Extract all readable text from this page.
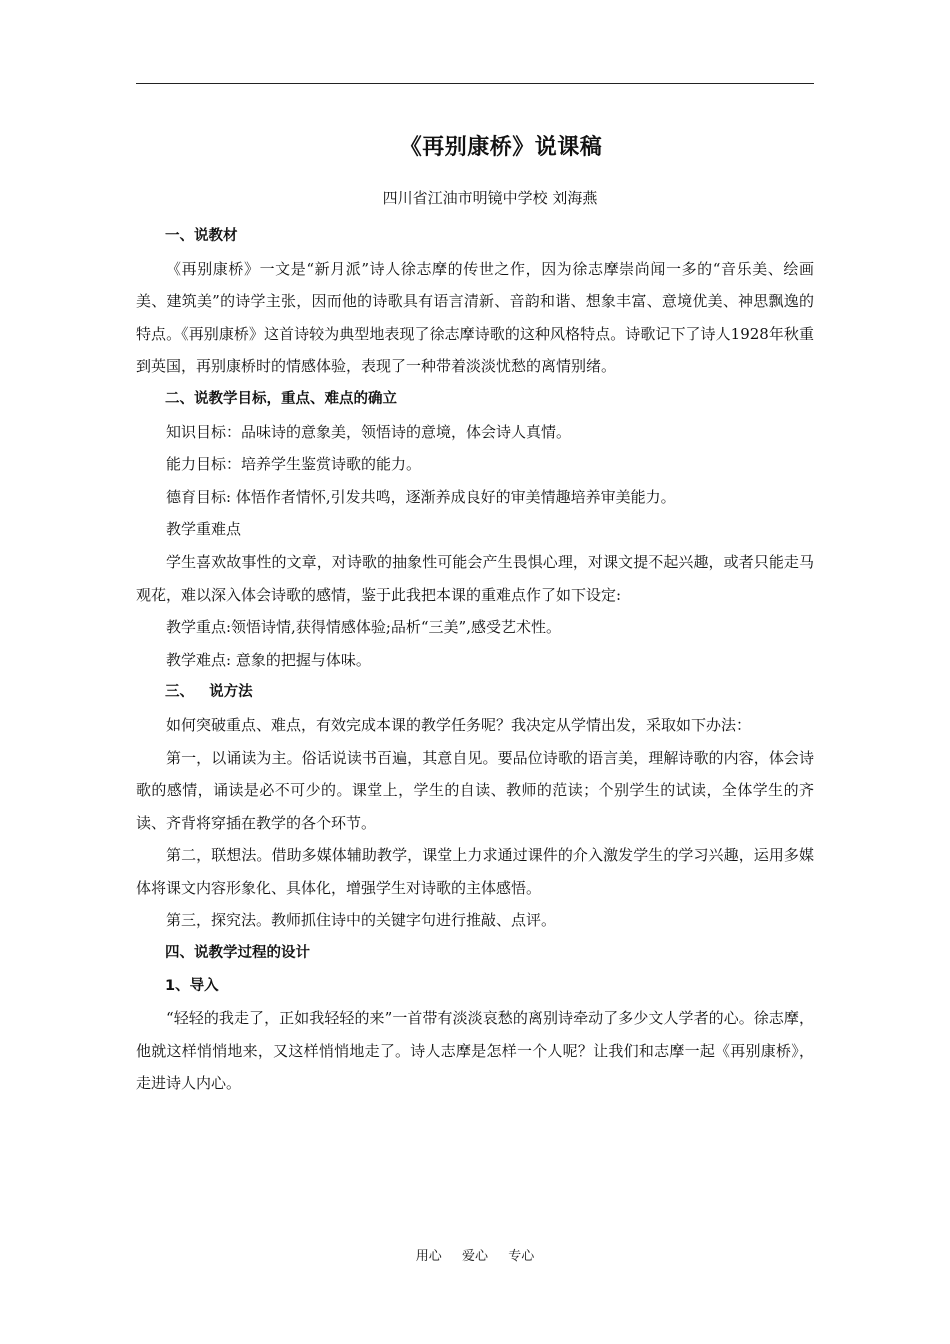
《再别康桥》说课稿
四川省江油市明镜中学校 刘海燕

一、说教材

《再别康桥》一文是“新月派”诗人徐志摩的传世之作，因为徐志摩崇尚闻一多的“音乐美、绘画美、建筑美”的诗学主张，因而他的诗歌具有语言清新、音韵和谐、想象丰富、意境优美、神思飘逸的特点。《再别康桥》这首诗较为典型地表现了徐志摩诗歌的这种风格特点。诗歌记下了诗人1928年秋重到英国，再别康桥时的情感体验，表现了一种带着淡淡忧愁的离情别绪。

二、说教学目标，重点、难点的确立

知识目标：品味诗的意象美，领悟诗的意境，体会诗人真情。

能力目标：培养学生鉴赏诗歌的能力。

德育目标: 体悟作者情怀,引发共鸣，逐渐养成良好的审美情趣培养审美能力。

教学重难点

学生喜欢故事性的文章，对诗歌的抽象性可能会产生畏惧心理，对课文提不起兴趣，或者只能走马观花，难以深入体会诗歌的感情，鉴于此我把本课的重难点作了如下设定:

教学重点:领悟诗情,获得情感体验;品析“三美”,感受艺术性。

教学难点: 意象的把握与体味。

三、   说方法

如何突破重点、难点，有效完成本课的教学任务呢？我决定从学情出发，采取如下办法：

第一，以诵读为主。俗话说读书百遍，其意自见。要品位诗歌的语言美，理解诗歌的内容，体会诗歌的感情，诵读是必不可少的。课堂上，学生的自读、教师的范读；个别学生的试读，全体学生的齐读、齐背将穿插在教学的各个环节。

第二，联想法。借助多媒体辅助教学，课堂上力求通过课件的介入激发学生的学习兴趣，运用多媒体将课文内容形象化、具体化，增强学生对诗歌的主体感悟。

第三，探究法。教师抓住诗中的关键字句进行推敲、点评。

四、说教学过程的设计

1、导入

“轻轻的我走了，正如我轻轻的来”一首带有淡淡哀愁的离别诗牵动了多少文人学者的心。徐志摩，他就这样悄悄地来，又这样悄悄地走了。诗人志摩是怎样一个人呢？让我们和志摩一起《再别康桥》，走进诗人内心。

用心  爱心  专心
